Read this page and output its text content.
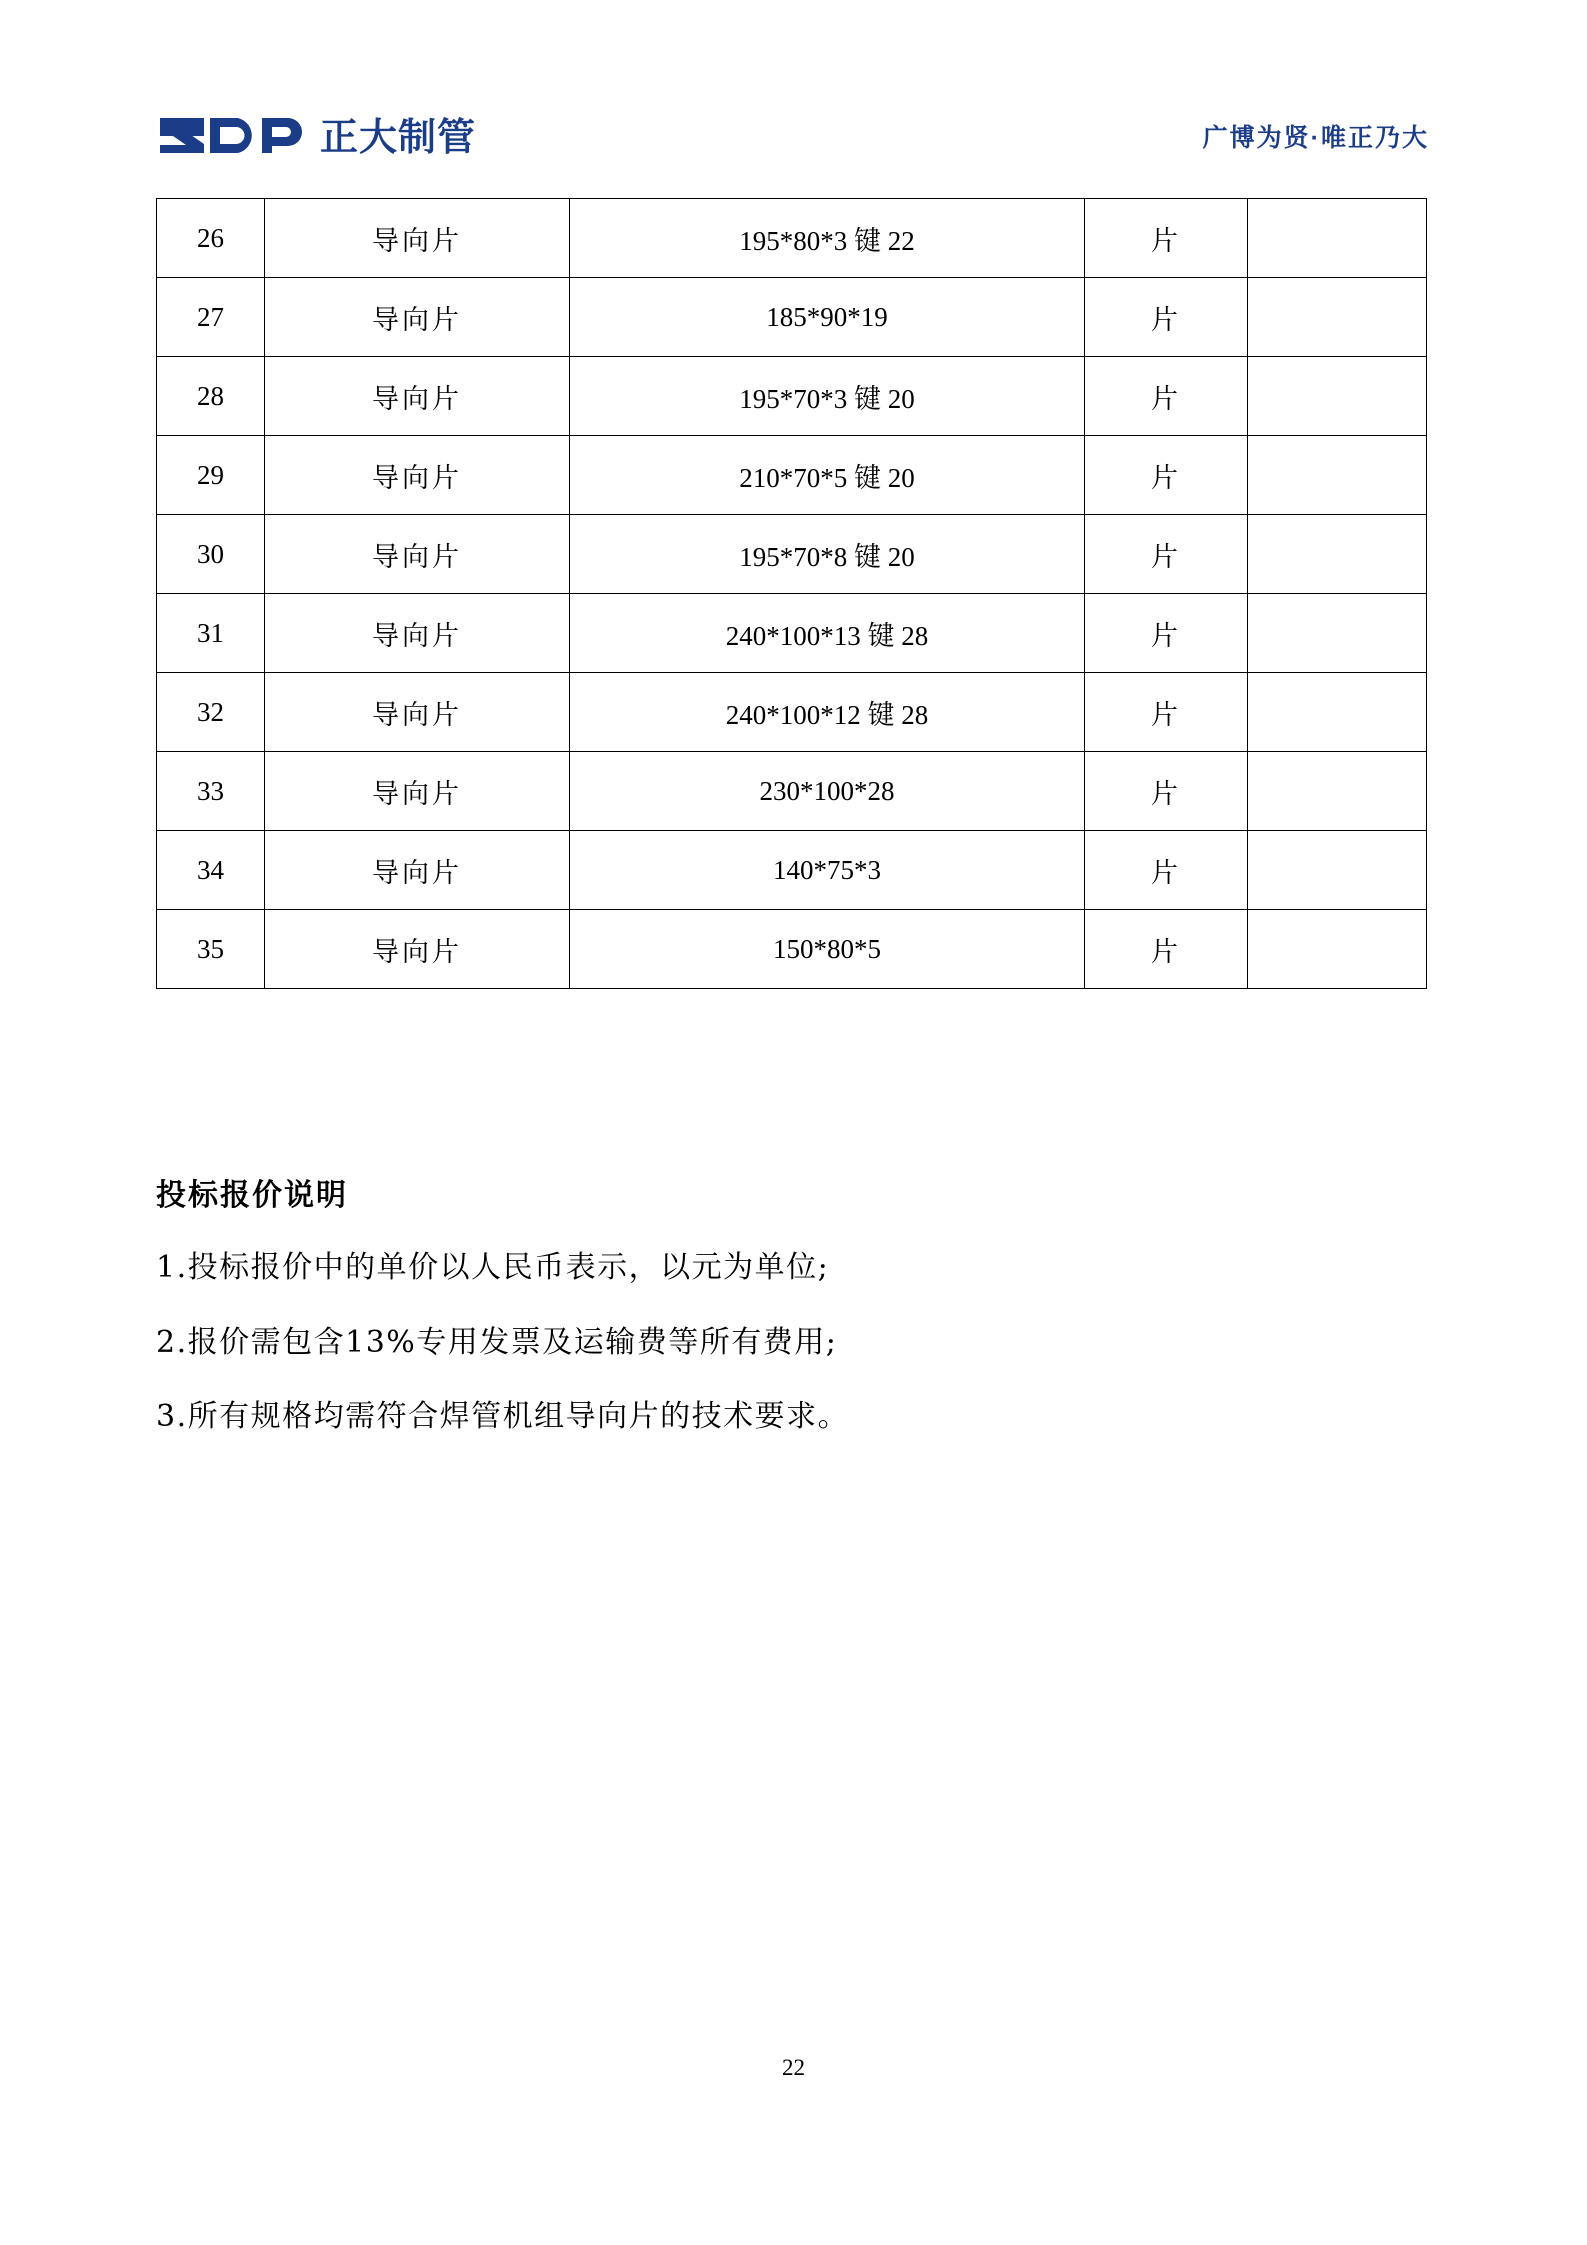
正大制管	广博为贤·唯正乃大
26	导向片	195*80*3 键 22	片	
27	导向片	185*90*19	片	
28	导向片	195*70*3 键 20	片	
29	导向片	210*70*5 键 20	片	
30	导向片	195*70*8 键 20	片	
31	导向片	240*100*13 键 28	片	
32	导向片	240*100*12 键 28	片	
33	导向片	230*100*28	片	
34	导向片	140*75*3	片	
35	导向片	150*80*5	片	
投标报价说明

1.投标报价中的单价以人民币表示，以元为单位;

2.报价需包含13%专用发票及运输费等所有费用;

3.所有规格均需符合焊管机组导向片的技术要求。

22
